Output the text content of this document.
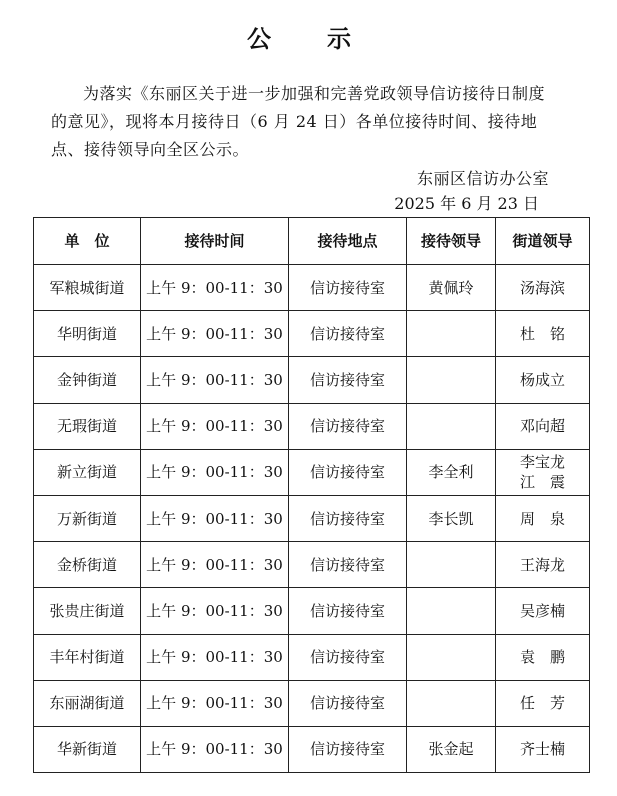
公 示
为落实《东丽区关于进一步加强和完善党政领导信访接待日制度的意见》，现将本月接待日（6 月 24 日）各单位接待时间、接待地点、接待领导向全区公示。
东丽区信访办公室
2025 年 6 月 23 日
单　位	接待时间	接待地点	接待领导	街道领导
军粮城街道	上午 9：00-11：30	信访接待室	黄佩玲	汤海滨

华明街道	上午 9：00-11：30	信访接待室		杜　铭

金钟街道	上午 9：00-11：30	信访接待室		杨成立

无瑕街道	上午 9：00-11：30	信访接待室		邓向超

新立街道	上午 9：00-11：30	信访接待室	李全利	李宝龙
江　震

万新街道	上午 9：00-11：30	信访接待室	李长凯	周　泉

金桥街道	上午 9：00-11：30	信访接待室		王海龙

张贵庄街道	上午 9：00-11：30	信访接待室		吴彦楠

丰年村街道	上午 9：00-11：30	信访接待室		袁　鹏

东丽湖街道	上午 9：00-11：30	信访接待室		任　芳

华新街道	上午 9：00-11：30	信访接待室	张金起	齐士楠
